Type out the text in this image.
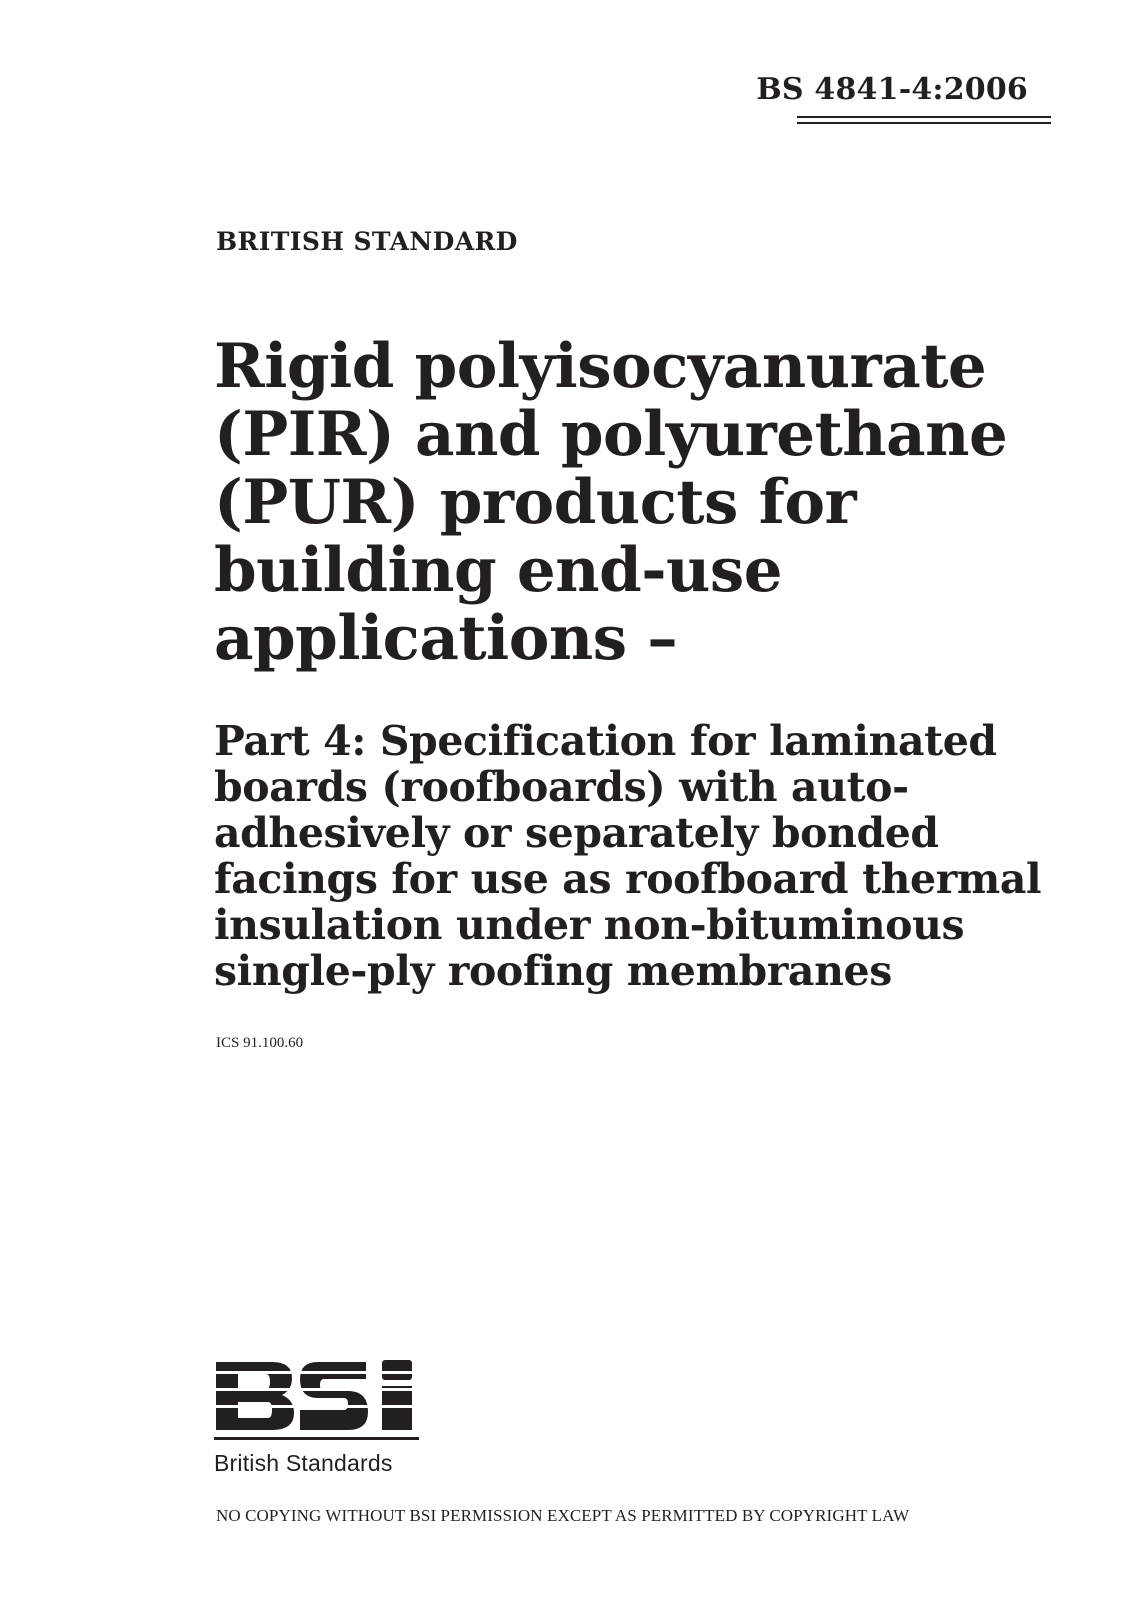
BS 4841-4:2006
BRITISH STANDARD
Rigid polyisocyanurate
(PIR) and polyurethane
(PUR) products for
building end-use
applications –
Part 4: Specification for laminated
boards (roofboards) with auto-
adhesively or separately bonded
facings for use as roofboard thermal
insulation under non-bituminous
single-ply roofing membranes
ICS 91.100.60
British Standards
NO COPYING WITHOUT BSI PERMISSION EXCEPT AS PERMITTED BY COPYRIGHT LAW
